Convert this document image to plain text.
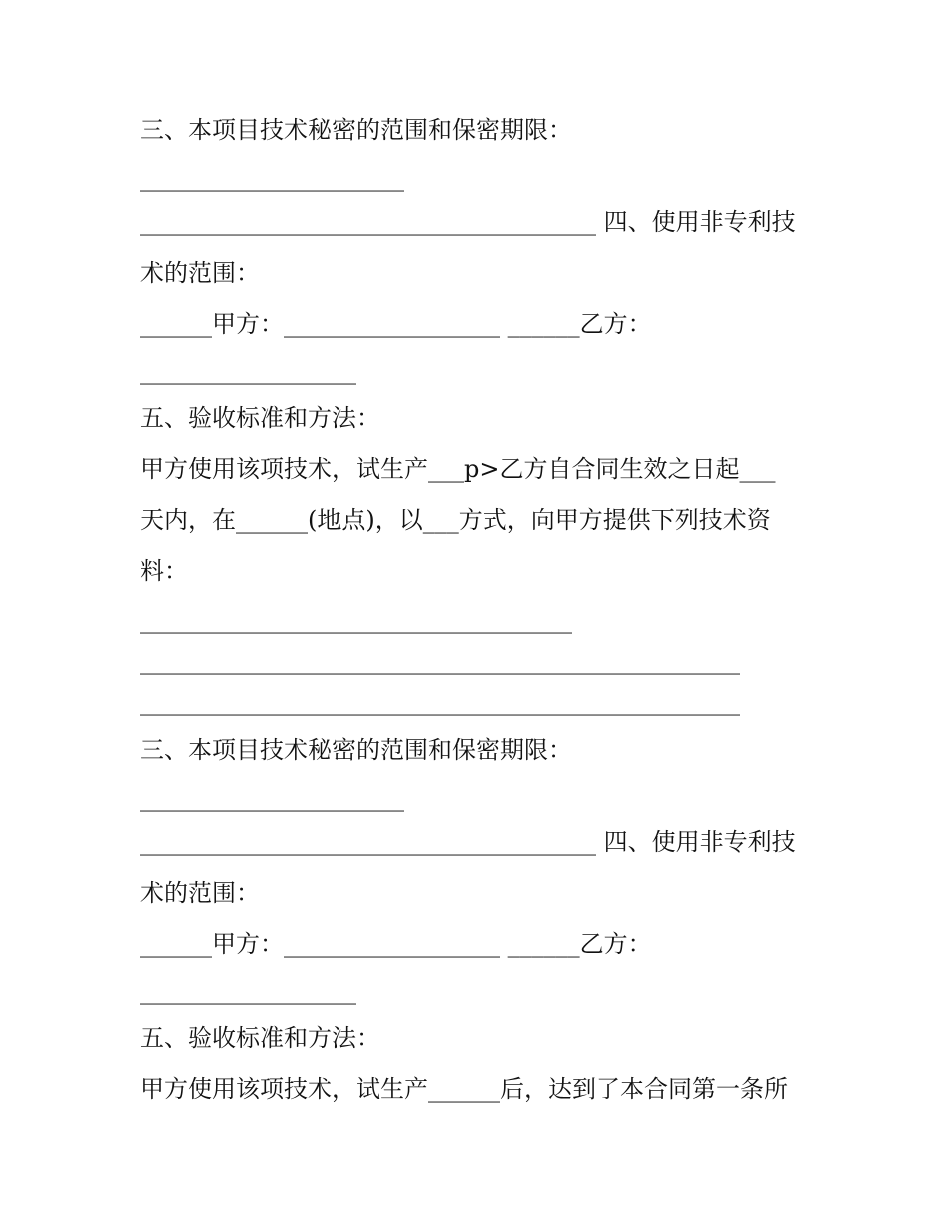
三、本项目技术秘密的范围和保密期限：
______________________
______________________________________ 四、使用非专利技
术的范围：
______甲方：__________________ ______乙方：
__________________
五、验收标准和方法：
甲方使用该项技术，试生产___p>乙方自合同生效之日起___
天内，在______(地点)，以___方式，向甲方提供下列技术资
料：
____________________________________
__________________________________________________
__________________________________________________
三、本项目技术秘密的范围和保密期限：
______________________
______________________________________ 四、使用非专利技
术的范围：
______甲方：__________________ ______乙方：
__________________
五、验收标准和方法：
甲方使用该项技术，试生产______后，达到了本合同第一条所
